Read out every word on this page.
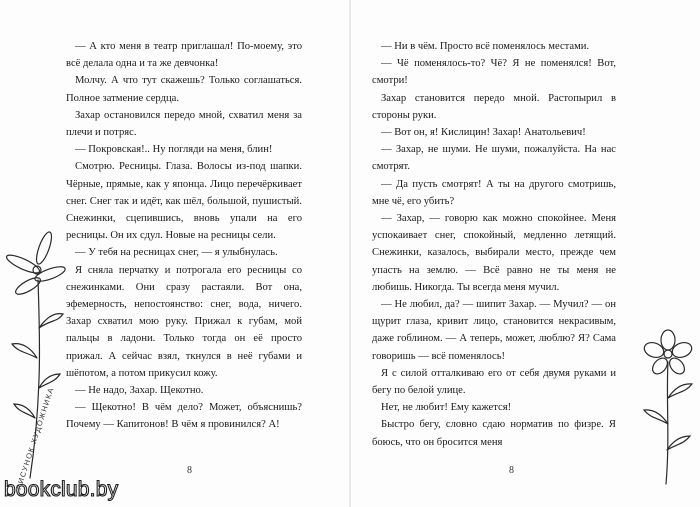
— А кто меня в театр приглашал! По-моему, это всё делала одна и та же девчонка!

Молчу. А что тут скажешь? Только соглашаться. Полное затмение сердца.

Захар остановился передо мной, схватил меня за плечи и потряс.

— Покровская!.. Ну погляди на меня, блин!

Смотрю. Ресницы. Глаза. Волосы из-под шапки. Чёрные, прямые, как у японца. Лицо перечёркивает снег. Снег так и идёт, как шёл, большой, пушистый. Снежинки, сцепившись, вновь упали на его ресницы. Он их сдул. Новые на ресницы сели.

— У тебя на ресницах снег, — я улыбнулась.

Я сняла перчатку и потрогала его ресницы со снежинками. Они сразу растаяли. Вот она, эфемерность, непостоянство: снег, вода, ничего. Захар схватил мою руку. Прижал к губам, мой пальцы в ладони. Только тогда он её просто прижал. А сейчас взял, ткнулся в неё губами и шёпотом, а потом прикусил кожу.

— Не надо, Захар. Щекотно.

— Щекотно! В чём дело? Может, объяснишь? Почему — Капитонов! В чём я провинился? А!

8
РИСУНОК ХУДОЖНИКА
bookclub.by

— Ни в чём. Просто всё поменялось местами.

— Чё поменялось-то? Чё? Я не поменялся! Вот, смотри!

Захар становится передо мной. Растопырил в стороны руки.

— Вот он, я! Кислицин! Захар! Анатольевич!

— Захар, не шуми. Не шуми, пожалуйста. На нас смотрят.

— Да пусть смотрят! А ты на другого смотришь, мне чё, его убить?

— Захар, — говорю как можно спокойнее. Меня успокаивает снег, спокойный, медленно летящий. Снежинки, казалось, выбирали место, прежде чем упасть на землю. — Всё равно не ты меня не любишь. Никогда. Ты всегда меня мучил.

— Не любил, да? — шипит Захар. — Мучил? — он щурит глаза, кривит лицо, становится некрасивым, даже гоблином. — А теперь, может, люблю? Я? Сама говоришь — всё поменялось!

Я с силой отталкиваю его от себя двумя руками и бегу по белой улице.

Нет, не любит! Ему кажется!

Быстро бегу, словно сдаю норматив по физре. Я боюсь, что он бросится меня

8
